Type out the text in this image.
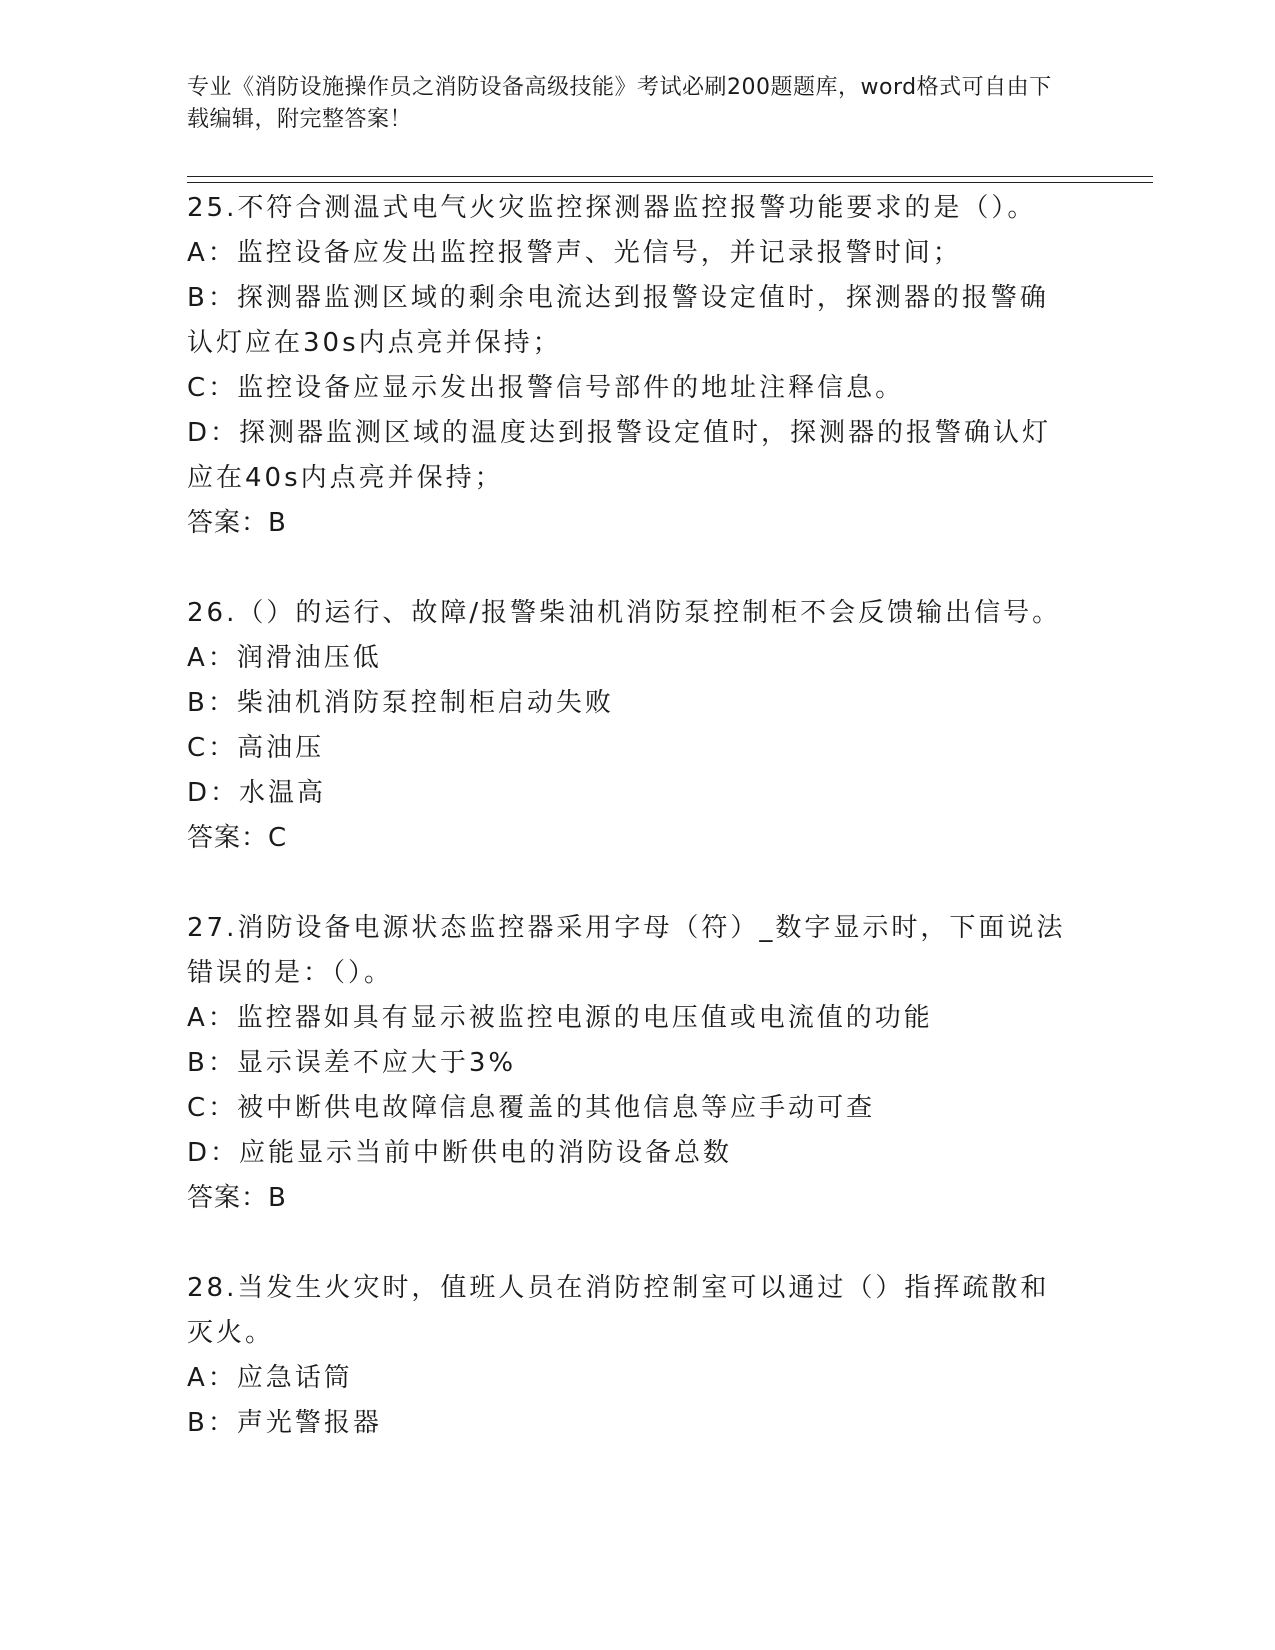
专业《消防设施操作员之消防设备高级技能》考试必刷200题题库，word格式可自由下载编辑，附完整答案！

25.不符合测温式电气火灾监控探测器监控报警功能要求的是（）。

A：监控设备应发出监控报警声、光信号，并记录报警时间；

B：探测器监测区域的剩余电流达到报警设定值时，探测器的报警确认灯应在30s内点亮并保持；

C：监控设备应显示发出报警信号部件的地址注释信息。

D：探测器监测区域的温度达到报警设定值时，探测器的报警确认灯应在40s内点亮并保持；

答案：B

26.（）的运行、故障/报警柴油机消防泵控制柜不会反馈输出信号。

A：润滑油压低

B：柴油机消防泵控制柜启动失败

C：高油压

D：水温高

答案：C

27.消防设备电源状态监控器采用字母（符）_数字显示时，下面说法错误的是：（）。

A：监控器如具有显示被监控电源的电压值或电流值的功能

B：显示误差不应大于3%

C：被中断供电故障信息覆盖的其他信息等应手动可查

D：应能显示当前中断供电的消防设备总数

答案：B

28.当发生火灾时，值班人员在消防控制室可以通过（）指挥疏散和灭火。

A：应急话筒

B：声光警报器
